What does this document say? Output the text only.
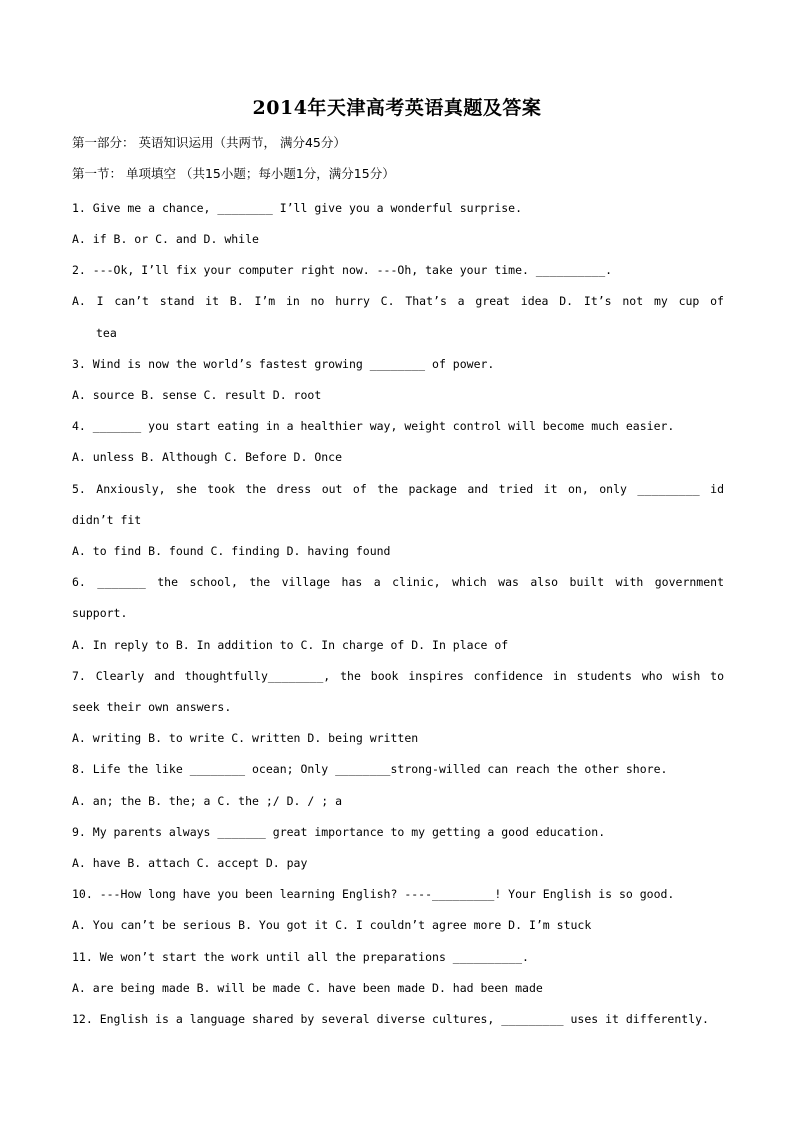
2014年天津高考英语真题及答案
第一部分： 英语知识运用（共两节， 满分45分）
第一节： 单项填空 （共15小题；每小题1分，满分15分）
1. Give me a chance, ________ I’ll give you a wonderful surprise.
A. if B. or C. and D. while
2. ---Ok, I’ll fix your computer right now. ---Oh, take your time. __________.
A. I can’t stand it B. I’m in no hurry C. That’s a great idea D. It’s not my cup of
tea
3. Wind is now the world’s fastest growing ________ of power.
A. source B. sense C. result D. root
4. _______ you start eating in a healthier way, weight control will become much easier.
A. unless B. Although C. Before D. Once
5. Anxiously, she took the dress out of the package and tried it on, only _________ id
didn’t fit
A. to find B. found C. finding D. having found
6. _______ the school, the village has a clinic, which was also built with government
support.
A. In reply to B. In addition to C. In charge of D. In place of
7. Clearly and thoughtfully________, the book inspires confidence in students who wish to
seek their own answers.
A. writing B. to write C. written D. being written
8. Life the like ________ ocean; Only ________strong-willed can reach the other shore.
A. an; the B. the; a C. the ;/ D. / ; a
9. My parents always _______ great importance to my getting a good education.
A. have B. attach C. accept D. pay
10. ---How long have you been learning English? ----_________! Your English is so good.
A. You can’t be serious B. You got it C. I couldn’t agree more D. I’m stuck
11. We won’t start the work until all the preparations __________.
A. are being made B. will be made C. have been made D. had been made
12. English is a language shared by several diverse cultures, _________ uses it differently.
